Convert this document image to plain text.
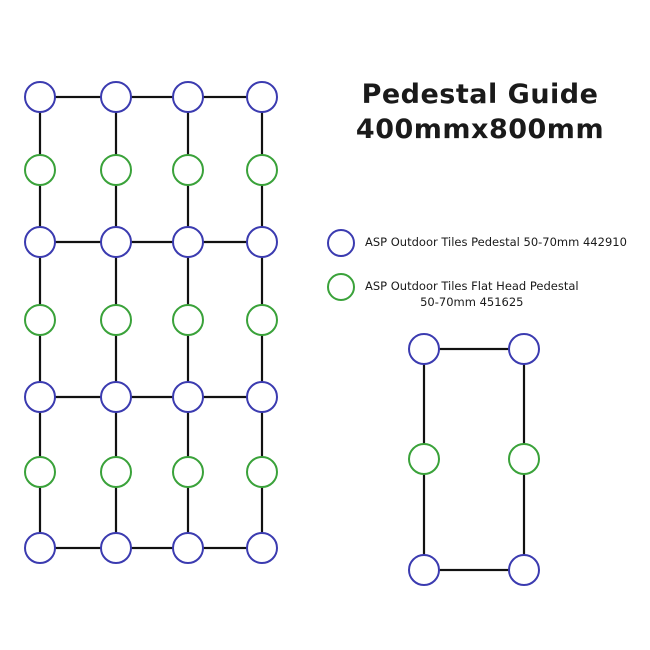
Pedestal Guide
400mmx800mm
ASP Outdoor Tiles Pedestal 50-70mm 442910
ASP Outdoor Tiles Flat Head Pedestal
50-70mm 451625
